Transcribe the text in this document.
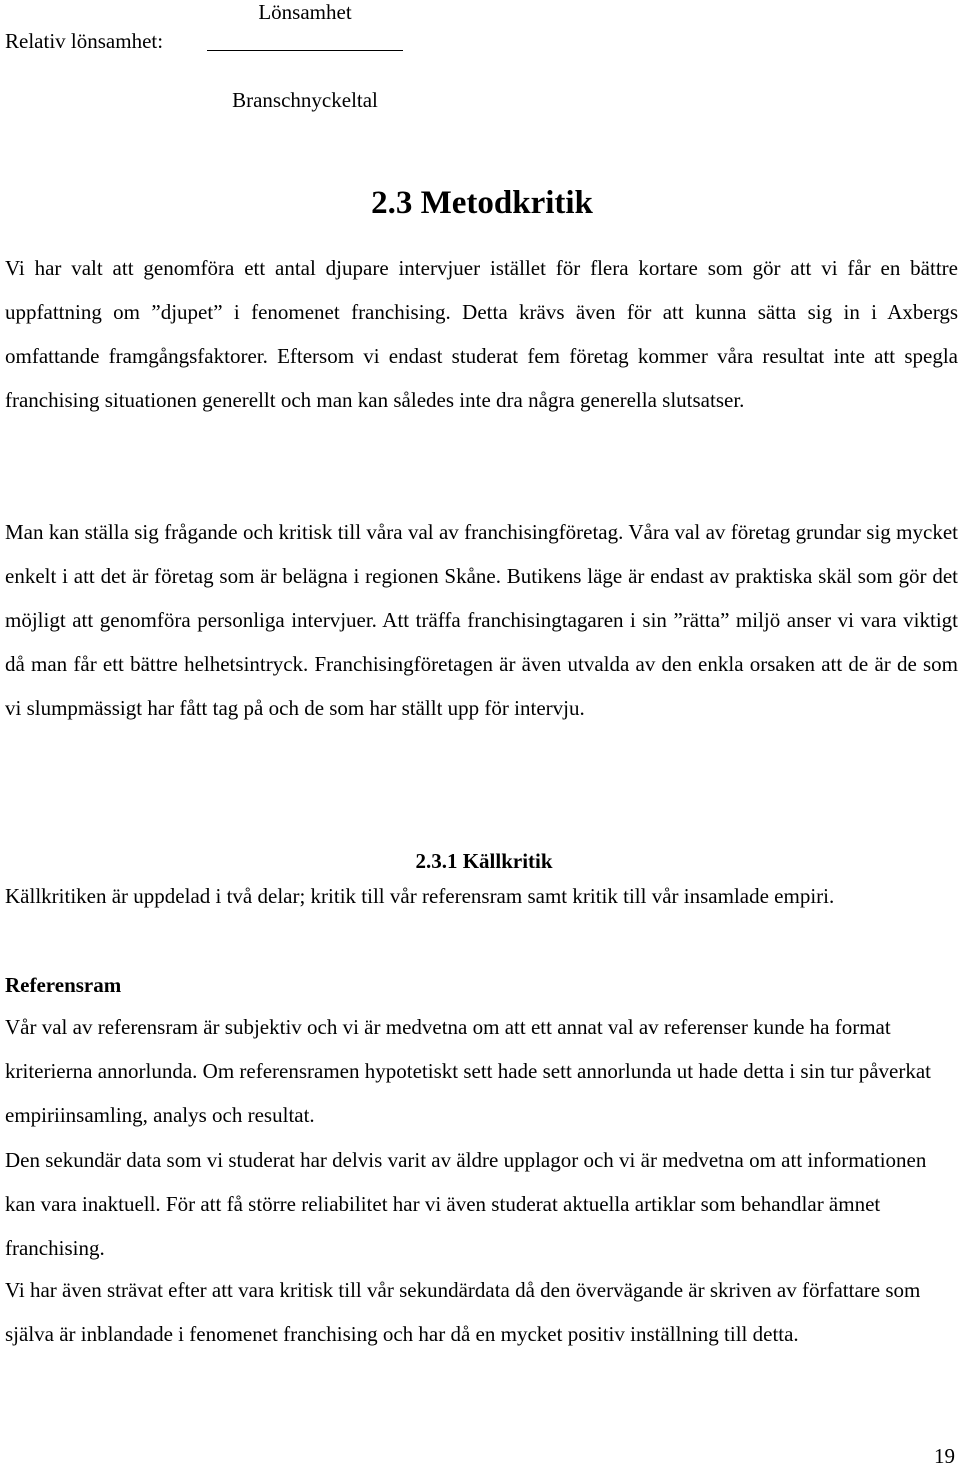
Relativ lönsamhet:
Lönsamhet
Branschnyckeltal
2.3 Metodkritik

Vi har valt att genomföra ett antal djupare intervjuer istället för flera kortare som gör att vi får en bättre uppfattning om ”djupet” i fenomenet franchising. Detta krävs även för att kunna sätta sig in i Axbergs omfattande framgångsfaktorer. Eftersom vi endast studerat fem företag kommer våra resultat inte att spegla franchising situationen generellt och man kan således inte dra några generella slutsatser.

Man kan ställa sig frågande och kritisk till våra val av franchisingföretag. Våra val av företag grundar sig mycket enkelt i att det är företag som är belägna i regionen Skåne. Butikens läge är endast av praktiska skäl som gör det möjligt att genomföra personliga intervjuer. Att träffa franchisingtagaren i sin ”rätta” miljö anser vi vara viktigt då man får ett bättre helhetsintryck. Franchisingföretagen är även utvalda av den enkla orsaken att de är de som vi slumpmässigt har fått tag på och de som har ställt upp för intervju.

2.3.1 Källkritik

Källkritiken är uppdelad i två delar; kritik till vår referensram samt kritik till vår insamlade empiri.

Referensram

Vår val av referensram är subjektiv och vi är medvetna om att ett annat val av referenser kunde ha format kriterierna annorlunda. Om referensramen hypotetiskt sett hade sett annorlunda ut hade detta i sin tur påverkat empiriinsamling, analys och resultat.

Den sekundär data som vi studerat har delvis varit av äldre upplagor och vi är medvetna om att informationen kan vara inaktuell. För att få större reliabilitet har vi även studerat aktuella artiklar som behandlar ämnet franchising.

Vi har även strävat efter att vara kritisk till vår sekundärdata då den övervägande är skriven av författare som själva är inblandade i fenomenet franchising och har då en mycket positiv inställning till detta.

19
